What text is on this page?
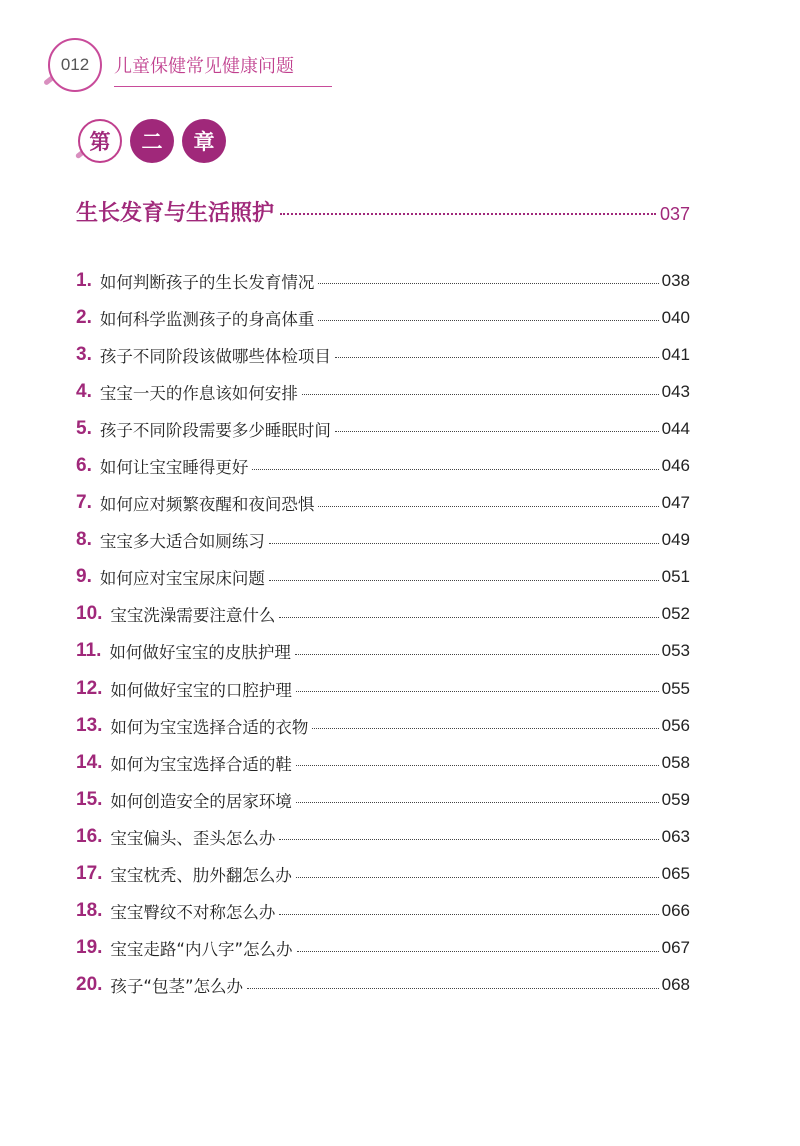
012 儿童保健常见健康问题
第	二	章
生长发育与生活照护	037
1. 如何判断孩子的生长发育情况	038
2. 如何科学监测孩子的身高体重	040
3. 孩子不同阶段该做哪些体检项目	041
4. 宝宝一天的作息该如何安排	043
5. 孩子不同阶段需要多少睡眠时间	044
6. 如何让宝宝睡得更好	046
7. 如何应对频繁夜醒和夜间恐惧	047
8. 宝宝多大适合如厕练习	049
9. 如何应对宝宝尿床问题	051
10. 宝宝洗澡需要注意什么	052
11. 如何做好宝宝的皮肤护理	053
12. 如何做好宝宝的口腔护理	055
13. 如何为宝宝选择合适的衣物	056
14. 如何为宝宝选择合适的鞋	058
15. 如何创造安全的居家环境	059
16. 宝宝偏头、歪头怎么办	063
17. 宝宝枕秃、肋外翻怎么办	065
18. 宝宝臀纹不对称怎么办	066
19. 宝宝走路“内八字”怎么办	067
20. 孩子“包茎”怎么办	068
